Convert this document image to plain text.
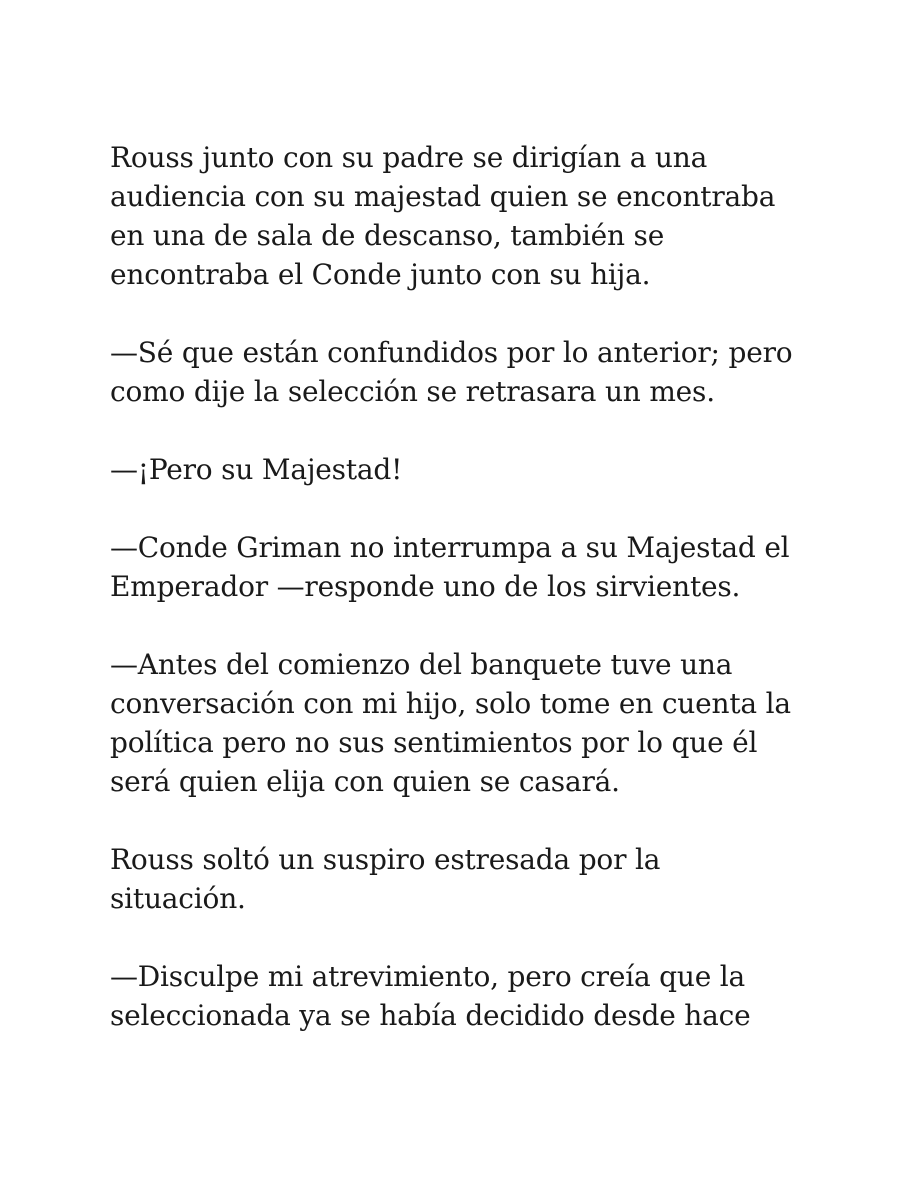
Rouss junto con su padre se dirigían a una
audiencia con su majestad quien se encontraba
en una de sala de descanso, también se
encontraba el Conde junto con su hija.

—Sé que están confundidos por lo anterior; pero
como dije la selección se retrasara un mes.

—¡Pero su Majestad!

—Conde Griman no interrumpa a su Majestad el
Emperador —responde uno de los sirvientes.

—Antes del comienzo del banquete tuve una
conversación con mi hijo, solo tome en cuenta la
política pero no sus sentimientos por lo que él
será quien elija con quien se casará.

Rouss soltó un suspiro estresada por la
situación.

—Disculpe mi atrevimiento, pero creía que la
seleccionada ya se había decidido desde hace
